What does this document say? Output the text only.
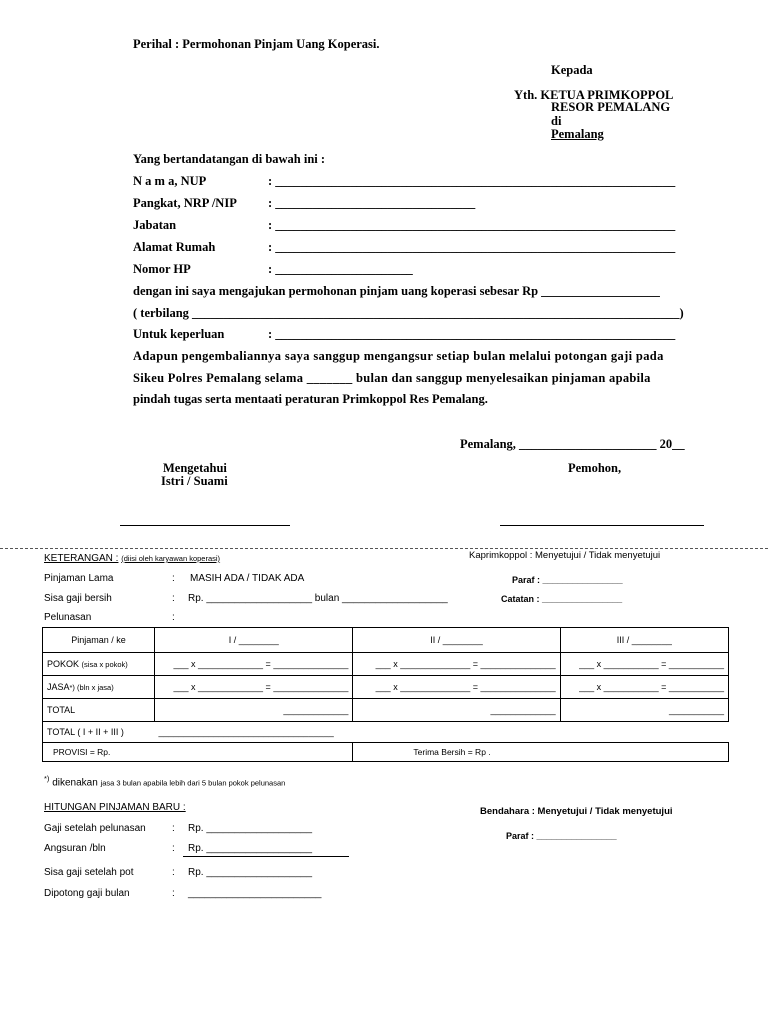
Perihal : Permohonan Pinjam Uang Koperasi.
Kepada
Yth. KETUA PRIMKOPPOL
RESOR PEMALANG
di
Pemalang
Yang bertandatangan di bawah ini :
N a m a, NUP	: ________________________________________________________________
Pangkat, NRP /NIP : ________________________________
Jabatan	: ________________________________________________________________
Alamat Rumah	: ________________________________________________________________
Nomor HP	: ______________________
dengan ini saya mengajukan permohonan pinjam uang koperasi sebesar Rp ___________________
( terbilang ______________________________________________________________________________)
Untuk keperluan	: ________________________________________________________________
Adapun pengembaliannya saya sanggup mengangsur setiap bulan melalui potongan gaji pada
Sikeu Polres Pemalang selama _______ bulan dan sanggup menyelesaikan pinjaman apabila
pindah tugas serta mentaati peraturan Primkoppol Res Pemalang.
Pemalang, ______________________ 20__
Mengetahui
Istri / Suami
Pemohon,
KETERANGAN : (diisi oleh karyawan koperasi)	Kaprimkoppol : Menyetujui / Tidak menyetujui
Pinjaman Lama	: MASIH ADA / TIDAK ADA	Paraf : ________________
Sisa gaji bersih	: Rp. ___________________ bulan ___________________	Catatan : ________________
Pelunasan	:
Pinjaman / ke	I / ________	II / ________	III / ________
POKOK (sisa x pokok)	___ x _____________ = _______________	___ x ______________ = _______________	___ x ___________ = ___________
JASA*) (bln x jasa)	___ x _____________ = _______________	___ x ______________ = _______________	___ x ___________ = ___________
TOTAL	_____________	_____________	___________
TOTAL ( I + II + III )	___________________________________		
PROVISI = Rp.		Terima Bersih = Rp .	
*) dikenakan jasa 3 bulan apabila lebih dari 5 bulan pokok pelunasan
HITUNGAN PINJAMAN BARU :
Gaji setelah pelunasan	: Rp. ___________________
Angsuran /bln	: Rp. ___________________
Sisa gaji setelah pot	: Rp. ___________________
Dipotong gaji bulan	: ________________________
Bendahara : Menyetujui / Tidak menyetujui
Paraf : ________________
